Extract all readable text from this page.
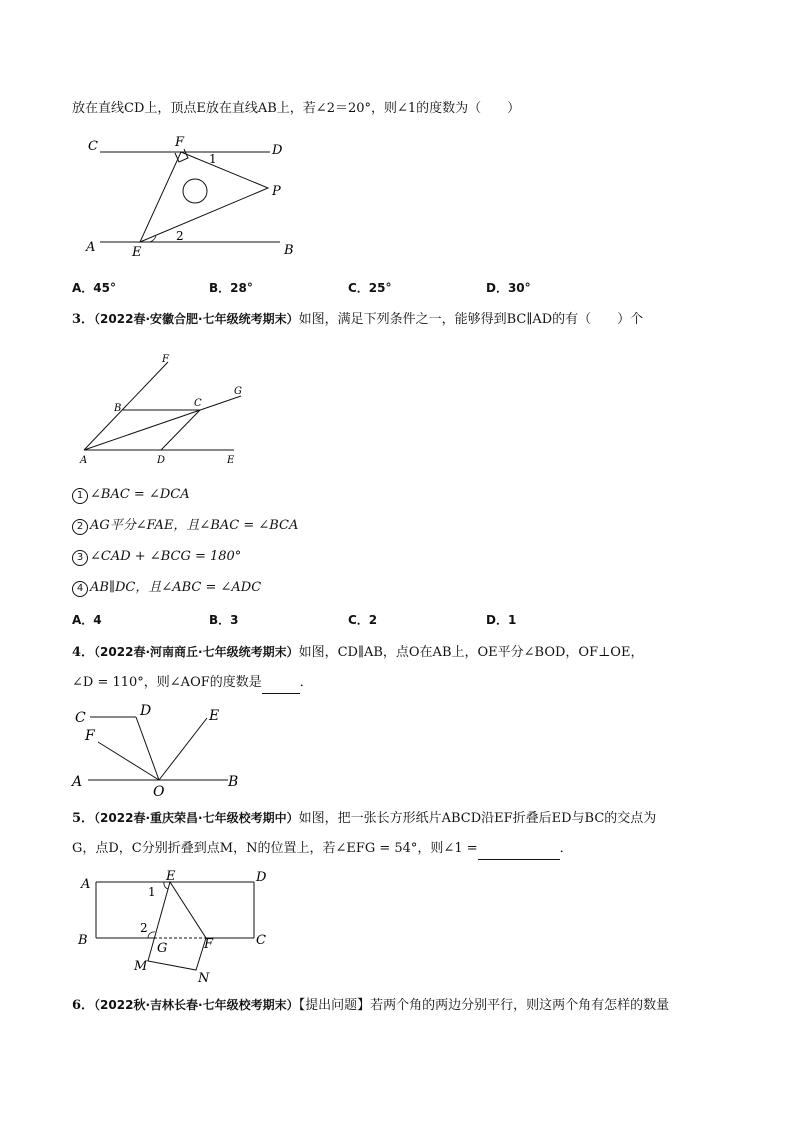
放在直线CD上，顶点E放在直线AB上，若∠2＝20°，则∠1的度数为（　　）
C	D
F
P
A	B
E
1
2
A．45°	B．28°	C．25°	D．30°
3．（2022春·安徽合肥·七年级统考期末）如图，满足下列条件之一，能够得到BC∥AD的有（　　）个
F
G
B	C
A	D	E
1 ∠BAC = ∠DCA
2 AG平分∠FAE，且∠BAC = ∠BCA
3 ∠CAD + ∠BCG = 180°
4 AB∥DC，且∠ABC = ∠ADC
A．4	B．3	C．2	D．1
4．（2022春·河南商丘·七年级统考期末）如图，CD∥AB，点O在AB上，OE平分∠BOD，OF⊥OE，
∠D = 110°，则∠AOF的度数是	．
C	D	E
F
A
O
B
5．（2022春·重庆荣昌·七年级校考期中）如图，把一张长方形纸片ABCD沿EF折叠后ED与BC的交点为
G，点D，C分别折叠到点M，N的位置上，若∠EFG = 54°，则∠1 =	．
A
E	D
1
2
B
G	F	C
M
N
6．（2022秋·吉林长春·七年级校考期末）【提出问题】若两个角的两边分别平行，则这两个角有怎样的数量
